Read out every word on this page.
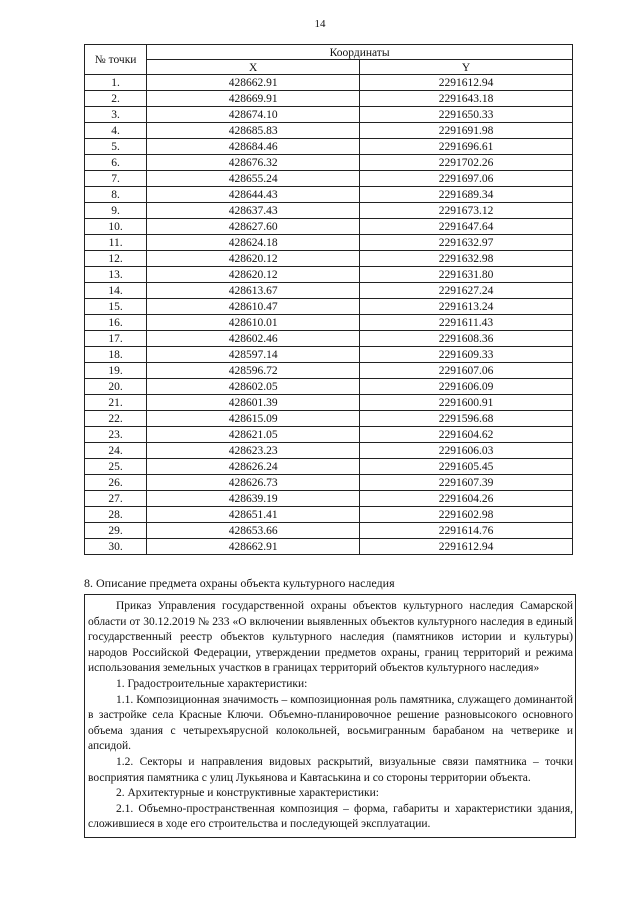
14
№ точки	Координаты	
	X	Y
1.	428662.91	2291612.94
2.	428669.91	2291643.18
3.	428674.10	2291650.33
4.	428685.83	2291691.98
5.	428684.46	2291696.61
6.	428676.32	2291702.26
7.	428655.24	2291697.06
8.	428644.43	2291689.34
9.	428637.43	2291673.12
10.	428627.60	2291647.64
11.	428624.18	2291632.97
12.	428620.12	2291632.98
13.	428620.12	2291631.80
14.	428613.67	2291627.24
15.	428610.47	2291613.24
16.	428610.01	2291611.43
17.	428602.46	2291608.36
18.	428597.14	2291609.33
19.	428596.72	2291607.06
20.	428602.05	2291606.09
21.	428601.39	2291600.91
22.	428615.09	2291596.68
23.	428621.05	2291604.62
24.	428623.23	2291606.03
25.	428626.24	2291605.45
26.	428626.73	2291607.39
27.	428639.19	2291604.26
28.	428651.41	2291602.98
29.	428653.66	2291614.76
30.	428662.91	2291612.94
8. Описание предмета охраны объекта культурного наследия

Приказ Управления государственной охраны объектов культурного наследия Самарской области от 30.12.2019 № 233 «О включении выявленных объектов культурного наследия в единый государственный реестр объектов культурного наследия (памятников истории и культуры) народов Российской Федерации, утверждении предметов охраны, границ территорий и режима использования земельных участков в границах территорий объектов культурного наследия»

1. Градостроительные характеристики:

1.1. Композиционная значимость – композиционная роль памятника, служащего доминантой в застройке села Красные Ключи. Объемно-планировочное решение разновысокого основного объема здания с четырехъярусной колокольней, восьмигранным барабаном на четверике и апсидой.

1.2. Секторы и направления видовых раскрытий, визуальные связи памятника – точки восприятия памятника с улиц Лукьянова и Кавтаськина и со стороны территории объекта.

2. Архитектурные и конструктивные характеристики:

2.1. Объемно-пространственная композиция – форма, габариты и характеристики здания, сложившиеся в ходе его строительства и последующей эксплуатации.
